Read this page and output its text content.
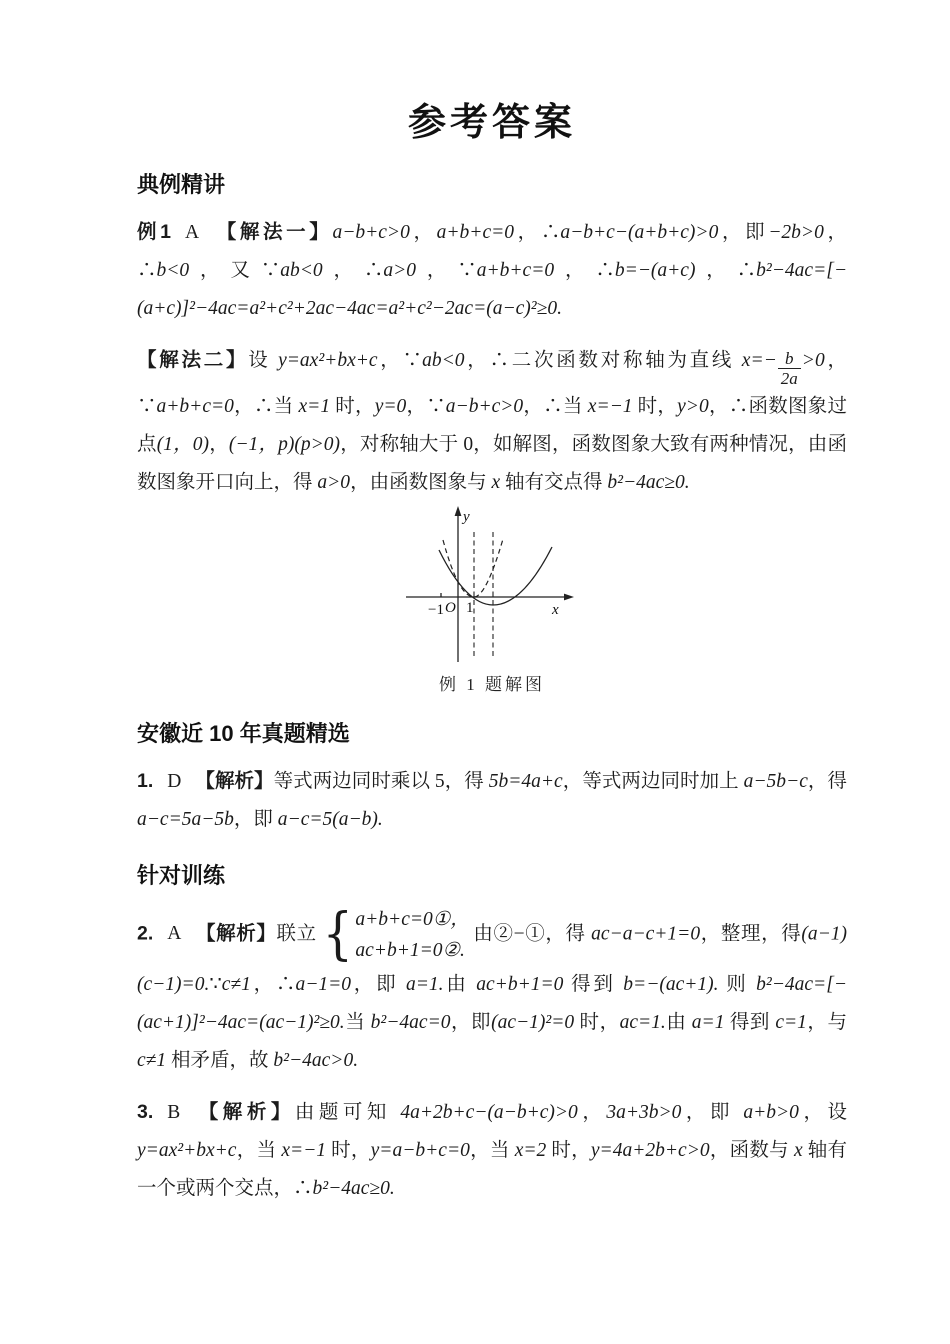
参考答案
典例精讲

例1 A 【解法一】a−b+c>0，a+b+c=0，∴a−b+c−(a+b+c)>0，即−2b>0，∴b<0，又∵ab<0，∴a>0，∵a+b+c=0，∴b=−(a+c)，∴b²−4ac=[−(a+c)]²−4ac=a²+c²+2ac−4ac=a²+c²−2ac=(a−c)²≥0.

【解法二】设 y=ax²+bx+c，∵ab<0，∴二次函数对称轴为直线 $x=- \frac{b}{2a} >0$，∵a+b+c=0，∴当 x=1 时，y=0，∵a−b+c>0，∴当 x=−1 时，y>0，∴函数图象过点(1，0)，(−1，p)(p>0)，对称轴大于 0，如解图，函数图象大致有两种情况，由函数图象开口向上，得 a>0，由函数图象与 x 轴有交点得 b²−4ac≥0.

y
x
O 1
−1
例 1 题解图
安徽近 10 年真题精选

1. D 【解析】等式两边同时乘以 5，得 5b=4a+c，等式两边同时加上 a−5b−c，得 a−c=5a−5b，即 a−c=5(a−b).

针对训练

2. A 【解析】联立 { a+b+c=0①，
ac+b+1=0②.
由②−①，得 ac−a−c+1=0，整理，得(a−1)(c−1)=0.∵c≠1，∴a−1=0，即 a=1.由 ac+b+1=0 得到 b=−(ac+1). 则 b²−4ac=[−(ac+1)]²−4ac=(ac−1)²≥0.当 b²−4ac=0，即(ac−1)²=0 时，ac=1.由 a=1 得到 c=1，与 c≠1 相矛盾，故 b²−4ac>0.

3. B 【解析】由题可知 4a+2b+c−(a−b+c)>0，3a+3b>0，即 a+b>0，设 y=ax²+bx+c，当 x=−1 时，y=a−b+c=0，当 x=2 时，y=4a+2b+c>0，函数与 x 轴有一个或两个交点，∴b²−4ac≥0.
